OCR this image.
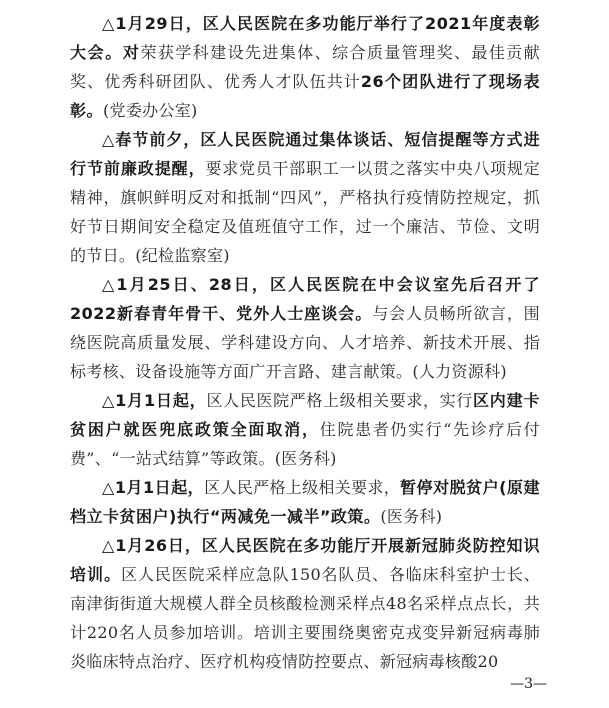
△1月29日，区人民医院在多功能厅举行了2021年度表彰大会。对荣获学科建设先进集体、综合质量管理奖、最佳贡献奖、优秀科研团队、优秀人才队伍共计26个团队进行了现场表彰。(党委办公室)

△春节前夕，区人民医院通过集体谈话、短信提醒等方式进行节前廉政提醒，要求党员干部职工一以贯之落实中央八项规定精神，旗帜鲜明反对和抵制“四风”，严格执行疫情防控规定，抓好节日期间安全稳定及值班值守工作，过一个廉洁、节俭、文明的节日。(纪检监察室)

△1月25日、28日，区人民医院在中会议室先后召开了2022新春青年骨干、党外人士座谈会。与会人员畅所欲言，围绕医院高质量发展、学科建设方向、人才培养、新技术开展、指标考核、设备设施等方面广开言路、建言献策。(人力资源科)

△1月1日起，区人民医院严格上级相关要求，实行区内建卡贫困户就医兜底政策全面取消，住院患者仍实行“先诊疗后付费”、“一站式结算”等政策。(医务科)

△1月1日起，区人民严格上级相关要求，暂停对脱贫户(原建档立卡贫困户)执行“两减免一减半”政策。(医务科)

△1月26日，区人民医院在多功能厅开展新冠肺炎防控知识培训。区人民医院采样应急队150名队员、各临床科室护士长、南津街街道大规模人群全员核酸检测采样点48名采样点点长，共计220名人员参加培训。培训主要围绕奥密克戎变异新冠病毒肺炎临床特点治疗、医疗机构疫情防控要点、新冠病毒核酸20

—3—
